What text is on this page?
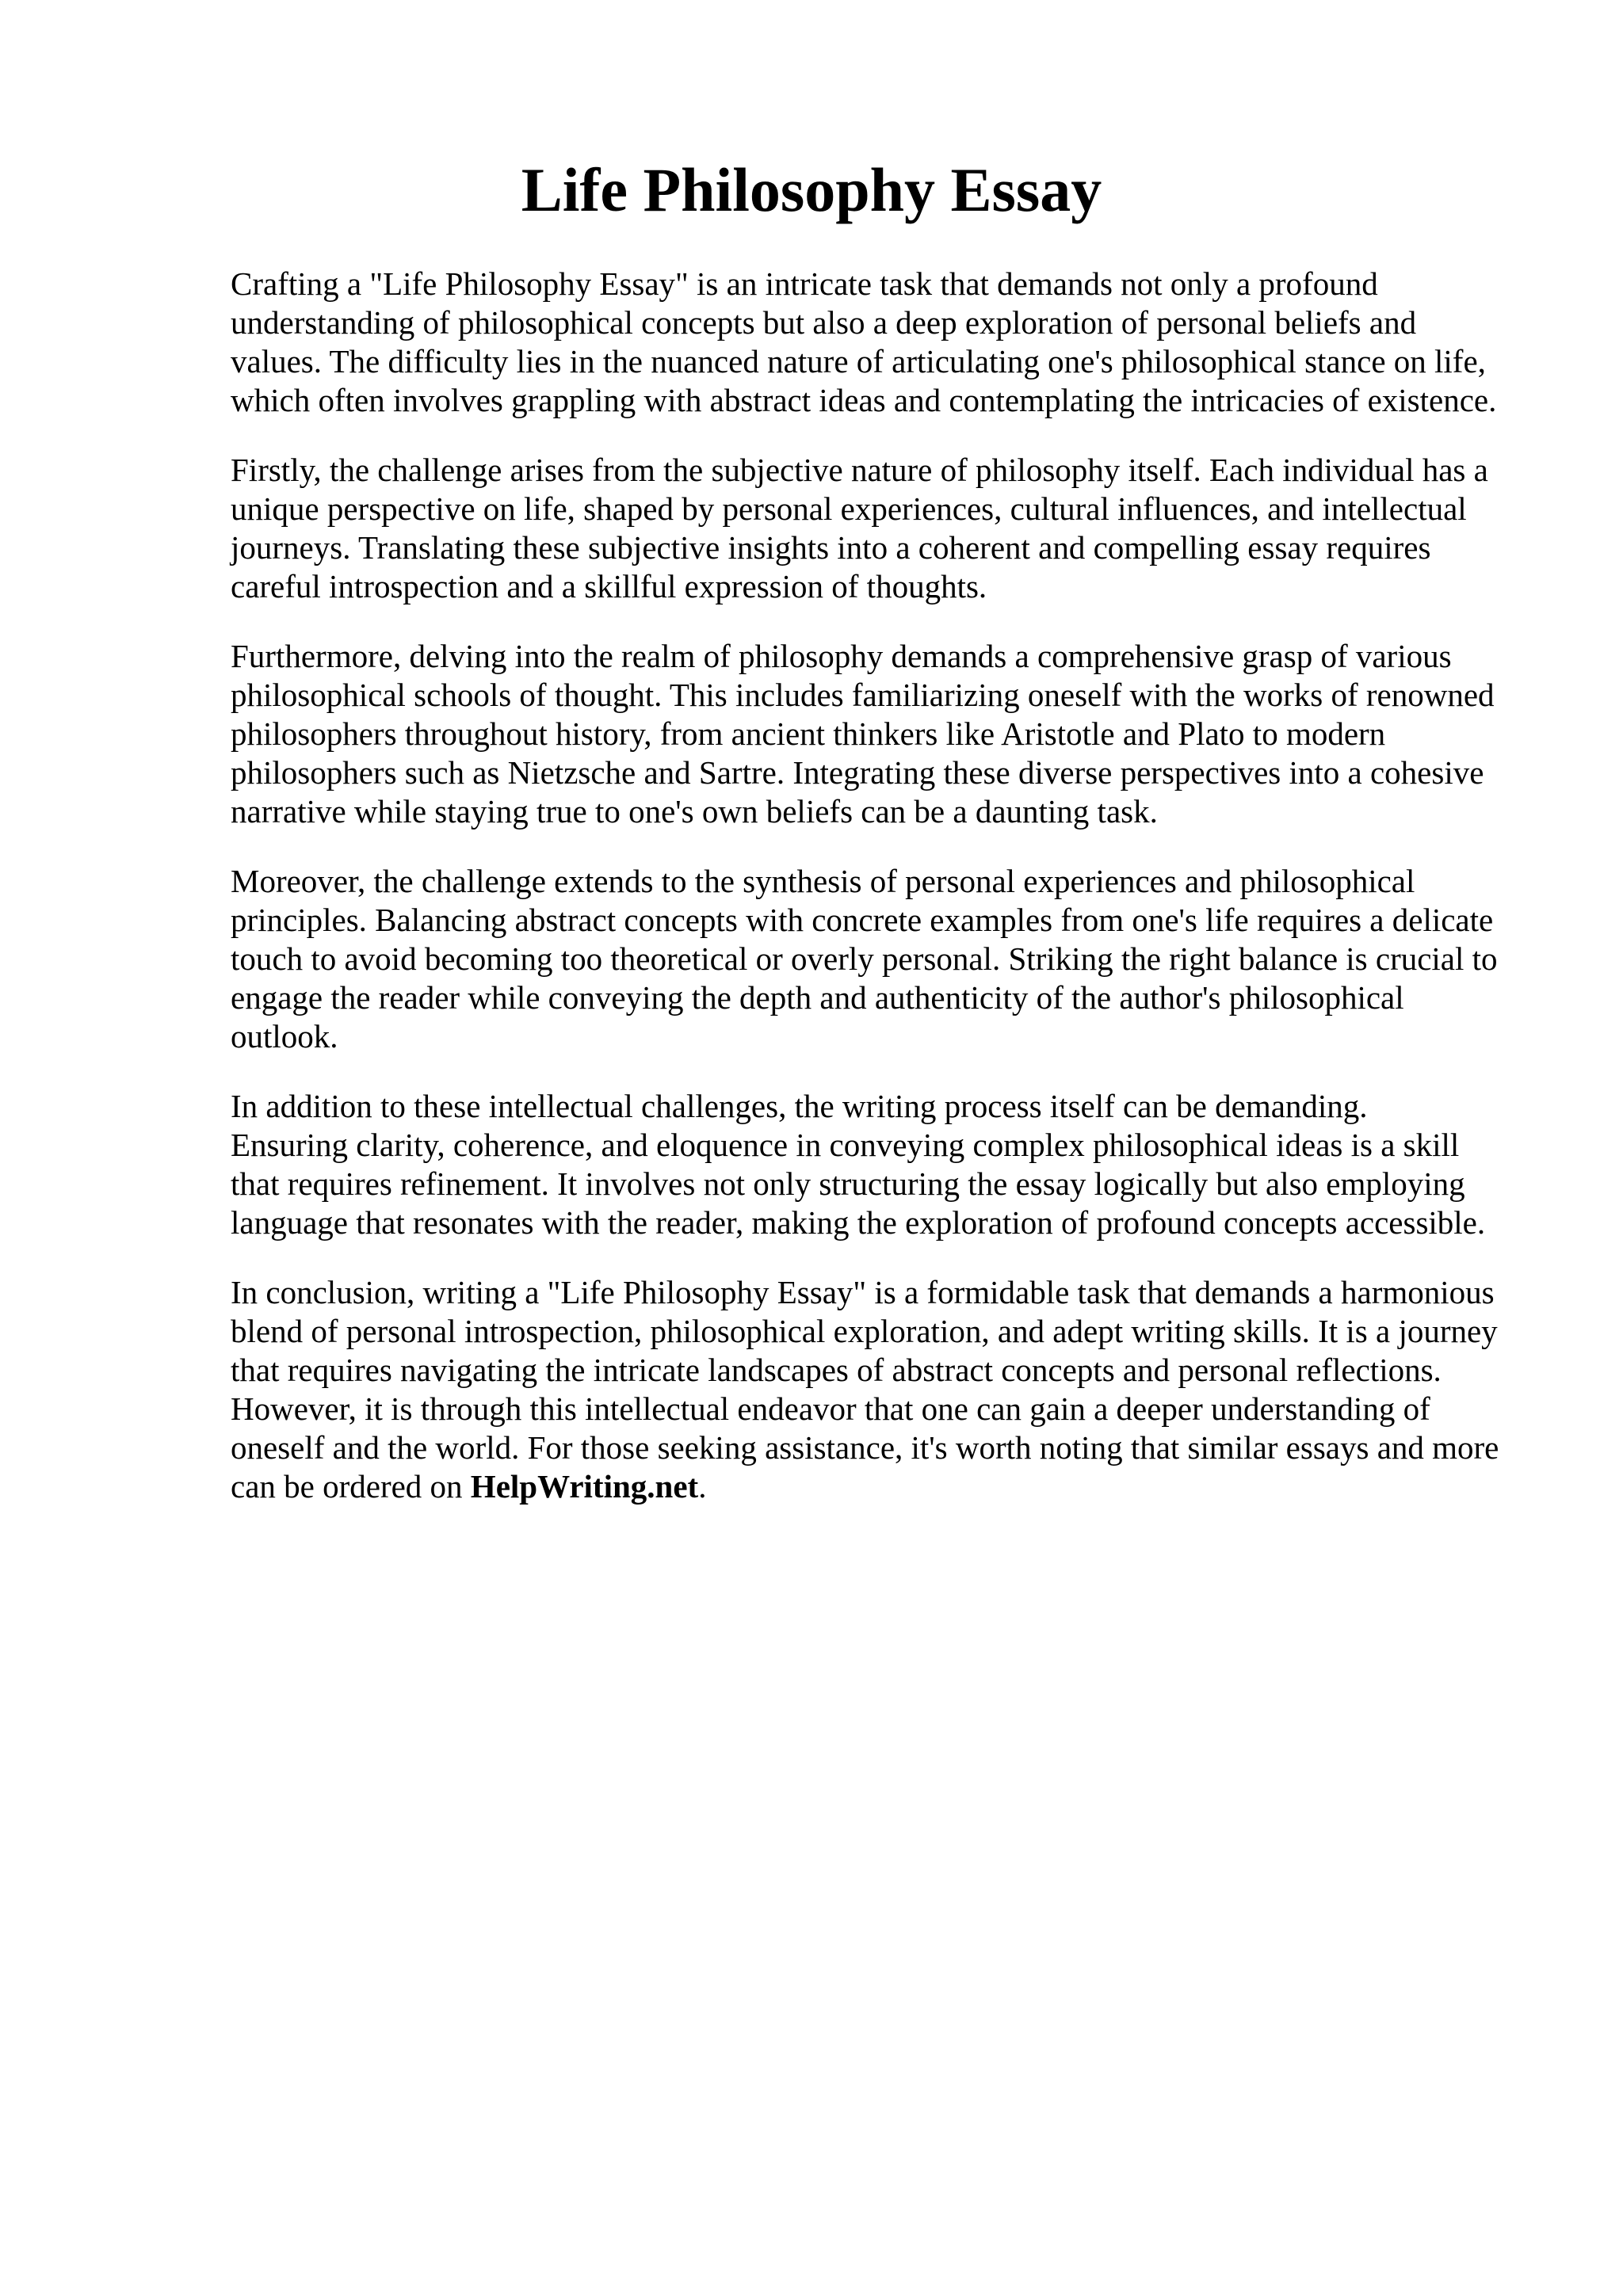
Life Philosophy Essay

Crafting a "Life Philosophy Essay" is an intricate task that demands not only a profound
understanding of philosophical concepts but also a deep exploration of personal beliefs and
values. The difficulty lies in the nuanced nature of articulating one's philosophical stance on life,
which often involves grappling with abstract ideas and contemplating the intricacies of existence.

Firstly, the challenge arises from the subjective nature of philosophy itself. Each individual has a
unique perspective on life, shaped by personal experiences, cultural influences, and intellectual
journeys. Translating these subjective insights into a coherent and compelling essay requires
careful introspection and a skillful expression of thoughts.

Furthermore, delving into the realm of philosophy demands a comprehensive grasp of various
philosophical schools of thought. This includes familiarizing oneself with the works of renowned
philosophers throughout history, from ancient thinkers like Aristotle and Plato to modern
philosophers such as Nietzsche and Sartre. Integrating these diverse perspectives into a cohesive
narrative while staying true to one's own beliefs can be a daunting task.

Moreover, the challenge extends to the synthesis of personal experiences and philosophical
principles. Balancing abstract concepts with concrete examples from one's life requires a delicate
touch to avoid becoming too theoretical or overly personal. Striking the right balance is crucial to
engage the reader while conveying the depth and authenticity of the author's philosophical
outlook.

In addition to these intellectual challenges, the writing process itself can be demanding.
Ensuring clarity, coherence, and eloquence in conveying complex philosophical ideas is a skill
that requires refinement. It involves not only structuring the essay logically but also employing
language that resonates with the reader, making the exploration of profound concepts accessible.

In conclusion, writing a "Life Philosophy Essay" is a formidable task that demands a harmonious
blend of personal introspection, philosophical exploration, and adept writing skills. It is a journey
that requires navigating the intricate landscapes of abstract concepts and personal reflections.
However, it is through this intellectual endeavor that one can gain a deeper understanding of
oneself and the world. For those seeking assistance, it's worth noting that similar essays and more
can be ordered on HelpWriting.net.
